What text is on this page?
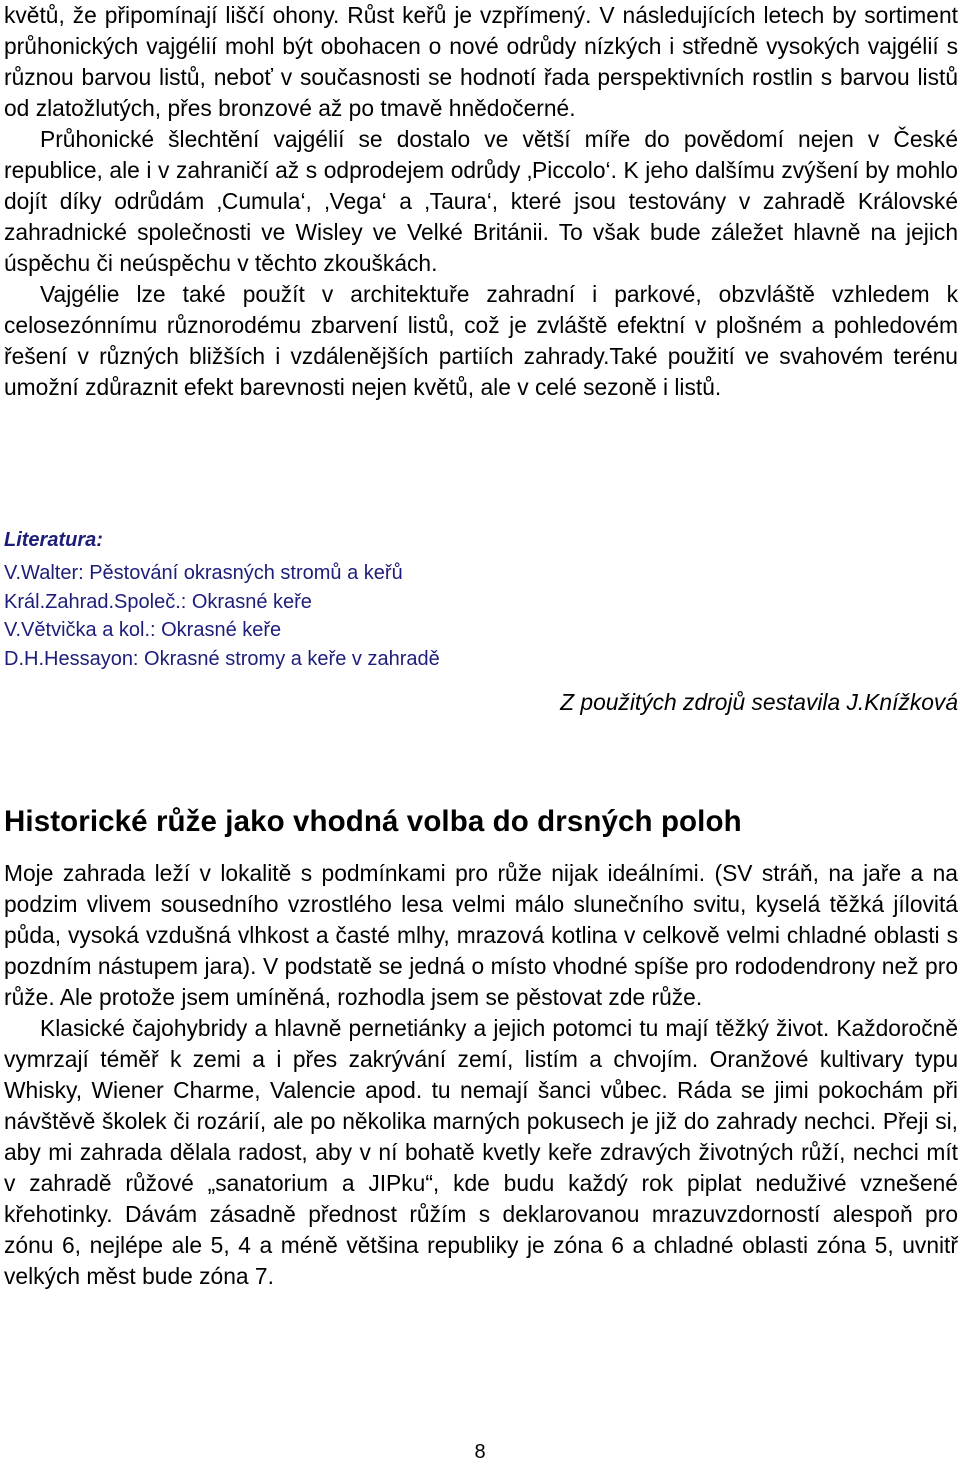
květů, že připomínají liščí ohony. Růst keřů je vzpřímený. V následujících letech by sortiment průhonických vajgélií mohl být obohacen o nové odrůdy nízkých i středně vysokých vajgélií s různou barvou listů, neboť v současnosti se hodnotí řada perspektivních rostlin s barvou listů od zlatožlutých, přes bronzové až po tmavě hnědočerné.

Průhonické šlechtění vajgélií se dostalo ve větší míře do povědomí nejen v České republice, ale i v zahraničí až s odprodejem odrůdy ‚Piccolo‘. K jeho dalšímu zvýšení by mohlo dojít díky odrůdám ‚Cumula‘, ‚Vega‘ a ‚Taura‘, které jsou testovány v zahradě Královské zahradnické společnosti ve Wisley ve Velké Británii. To však bude záležet hlavně na jejich úspěchu či neúspěchu v těchto zkouškách.

Vajgélie lze také použít v architektuře zahradní i parkové, obzvláště vzhledem k celosezónnímu různorodému zbarvení listů, což je zvláště efektní v plošném a pohledovém řešení v různých bližších i vzdálenějších partiích zahrady.Také použití ve svahovém terénu umožní zdůraznit efekt barevnosti nejen květů, ale v celé sezoně i listů.

Literatura:

V.Walter: Pěstování okrasných stromů a keřů
Král.Zahrad.Společ.: Okrasné keře
V.Větvička a kol.: Okrasné keře
D.H.Hessayon: Okrasné stromy a keře v zahradě

Z použitých zdrojů sestavila J.Knížková

Historické růže jako vhodná volba do drsných poloh

Moje zahrada leží v lokalitě s podmínkami pro růže nijak ideálními. (SV stráň, na jaře a na podzim vlivem sousedního vzrostlého lesa velmi málo slunečního svitu, kyselá těžká jílovitá půda, vysoká vzdušná vlhkost a časté mlhy, mrazová kotlina v celkově velmi chladné oblasti s pozdním nástupem jara). V podstatě se jedná o místo vhodné spíše pro rododendrony než pro růže. Ale protože jsem umíněná, rozhodla jsem se pěstovat zde růže.

Klasické čajohybridy a hlavně pernetiánky a jejich potomci tu mají těžký život. Každoročně vymrzají téměř k zemi a i přes zakrývání zemí, listím a chvojím. Oranžové kultivary typu Whisky, Wiener Charme, Valencie apod. tu nemají šanci vůbec. Ráda se jimi pokochám při návštěvě školek či rozárií, ale po několika marných pokusech je již do zahrady nechci. Přeji si, aby mi zahrada dělala radost, aby v ní bohatě kvetly keře zdravých životných růží, nechci mít v zahradě růžové „sanatorium a JIPku“, kde budu každý rok piplat neduživé vznešené křehotinky. Dávám zásadně přednost růžím s deklarovanou mrazuvzdorností alespoň pro zónu 6, nejlépe ale 5, 4 a méně většina republiky je zóna 6 a chladné oblasti zóna 5, uvnitř velkých měst bude zóna 7.

8
